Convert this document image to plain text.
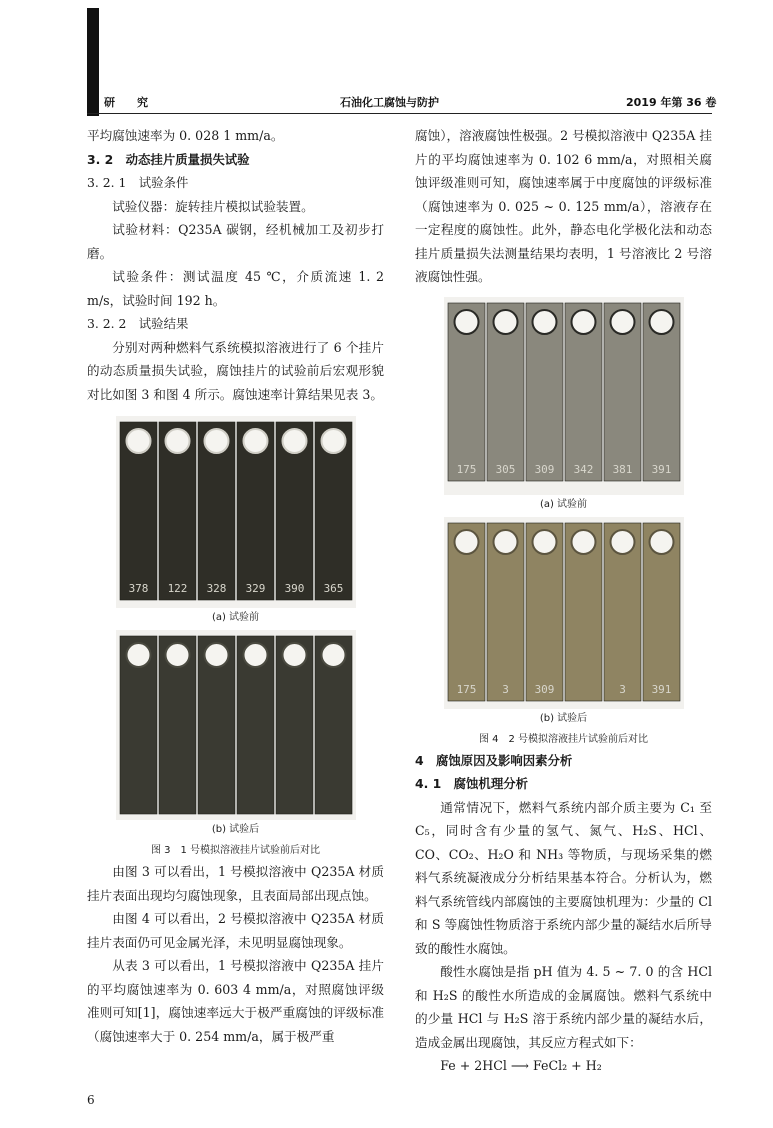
研　　究	石油化工腐蚀与防护	2019 年第 36 卷

平均腐蚀速率为 0. 028 1 mm/a。

3. 2　动态挂片质量损失试验

3. 2. 1　试验条件

试验仪器：旋转挂片模拟试验装置。

试验材料：Q235A 碳钢，经机械加工及初步打磨。

试验条件：测试温度 45 ℃，介质流速 1. 2 m/s，试验时间 192 h。

3. 2. 2　试验结果

分别对两种燃料气系统模拟溶液进行了 6 个挂片的动态质量损失试验，腐蚀挂片的试验前后宏观形貌对比如图 3 和图 4 所示。腐蚀速率计算结果见表 3。

378 122 328 329 390 365
(a) 试验前
(b) 试验后
图 3　1 号模拟溶液挂片试验前后对比

由图 3 可以看出，1 号模拟溶液中 Q235A 材质挂片表面出现均匀腐蚀现象，且表面局部出现点蚀。

由图 4 可以看出，2 号模拟溶液中 Q235A 材质挂片表面仍可见金属光泽，未见明显腐蚀现象。

从表 3 可以看出，1 号模拟溶液中 Q235A 挂片的平均腐蚀速率为 0. 603 4 mm/a，对照腐蚀评级准则可知[1]，腐蚀速率远大于极严重腐蚀的评级标准（腐蚀速率大于 0. 254 mm/a，属于极严重

腐蚀），溶液腐蚀性极强。2 号模拟溶液中 Q235A 挂片的平均腐蚀速率为 0. 102 6 mm/a，对照相关腐蚀评级准则可知，腐蚀速率属于中度腐蚀的评级标准（腐蚀速率为 0. 025 ~ 0. 125 mm/a），溶液存在一定程度的腐蚀性。此外，静态电化学极化法和动态挂片质量损失法测量结果均表明，1 号溶液比 2 号溶液腐蚀性强。

175 305 309 342 381 391
(a) 试验前
175 3 309	3 391
(b) 试验后
图 4　2 号模拟溶液挂片试验前后对比

4　腐蚀原因及影响因素分析

4. 1　腐蚀机理分析

通常情况下，燃料气系统内部介质主要为 C₁ 至 C₅，同时含有少量的氢气、氮气、H₂S、HCl、CO、CO₂、H₂O 和 NH₃ 等物质，与现场采集的燃料气系统凝液成分分析结果基本符合。分析认为，燃料气系统管线内部腐蚀的主要腐蚀机理为：少量的 Cl 和 S 等腐蚀性物质溶于系统内部少量的凝结水后所导致的酸性水腐蚀。

酸性水腐蚀是指 pH 值为 4. 5 ~ 7. 0 的含 HCl 和 H₂S 的酸性水所造成的金属腐蚀。燃料气系统中的少量 HCl 与 H₂S 溶于系统内部少量的凝结水后，造成金属出现腐蚀，其反应方程式如下：

Fe + 2HCl ⟶ FeCl₂ + H₂

6
